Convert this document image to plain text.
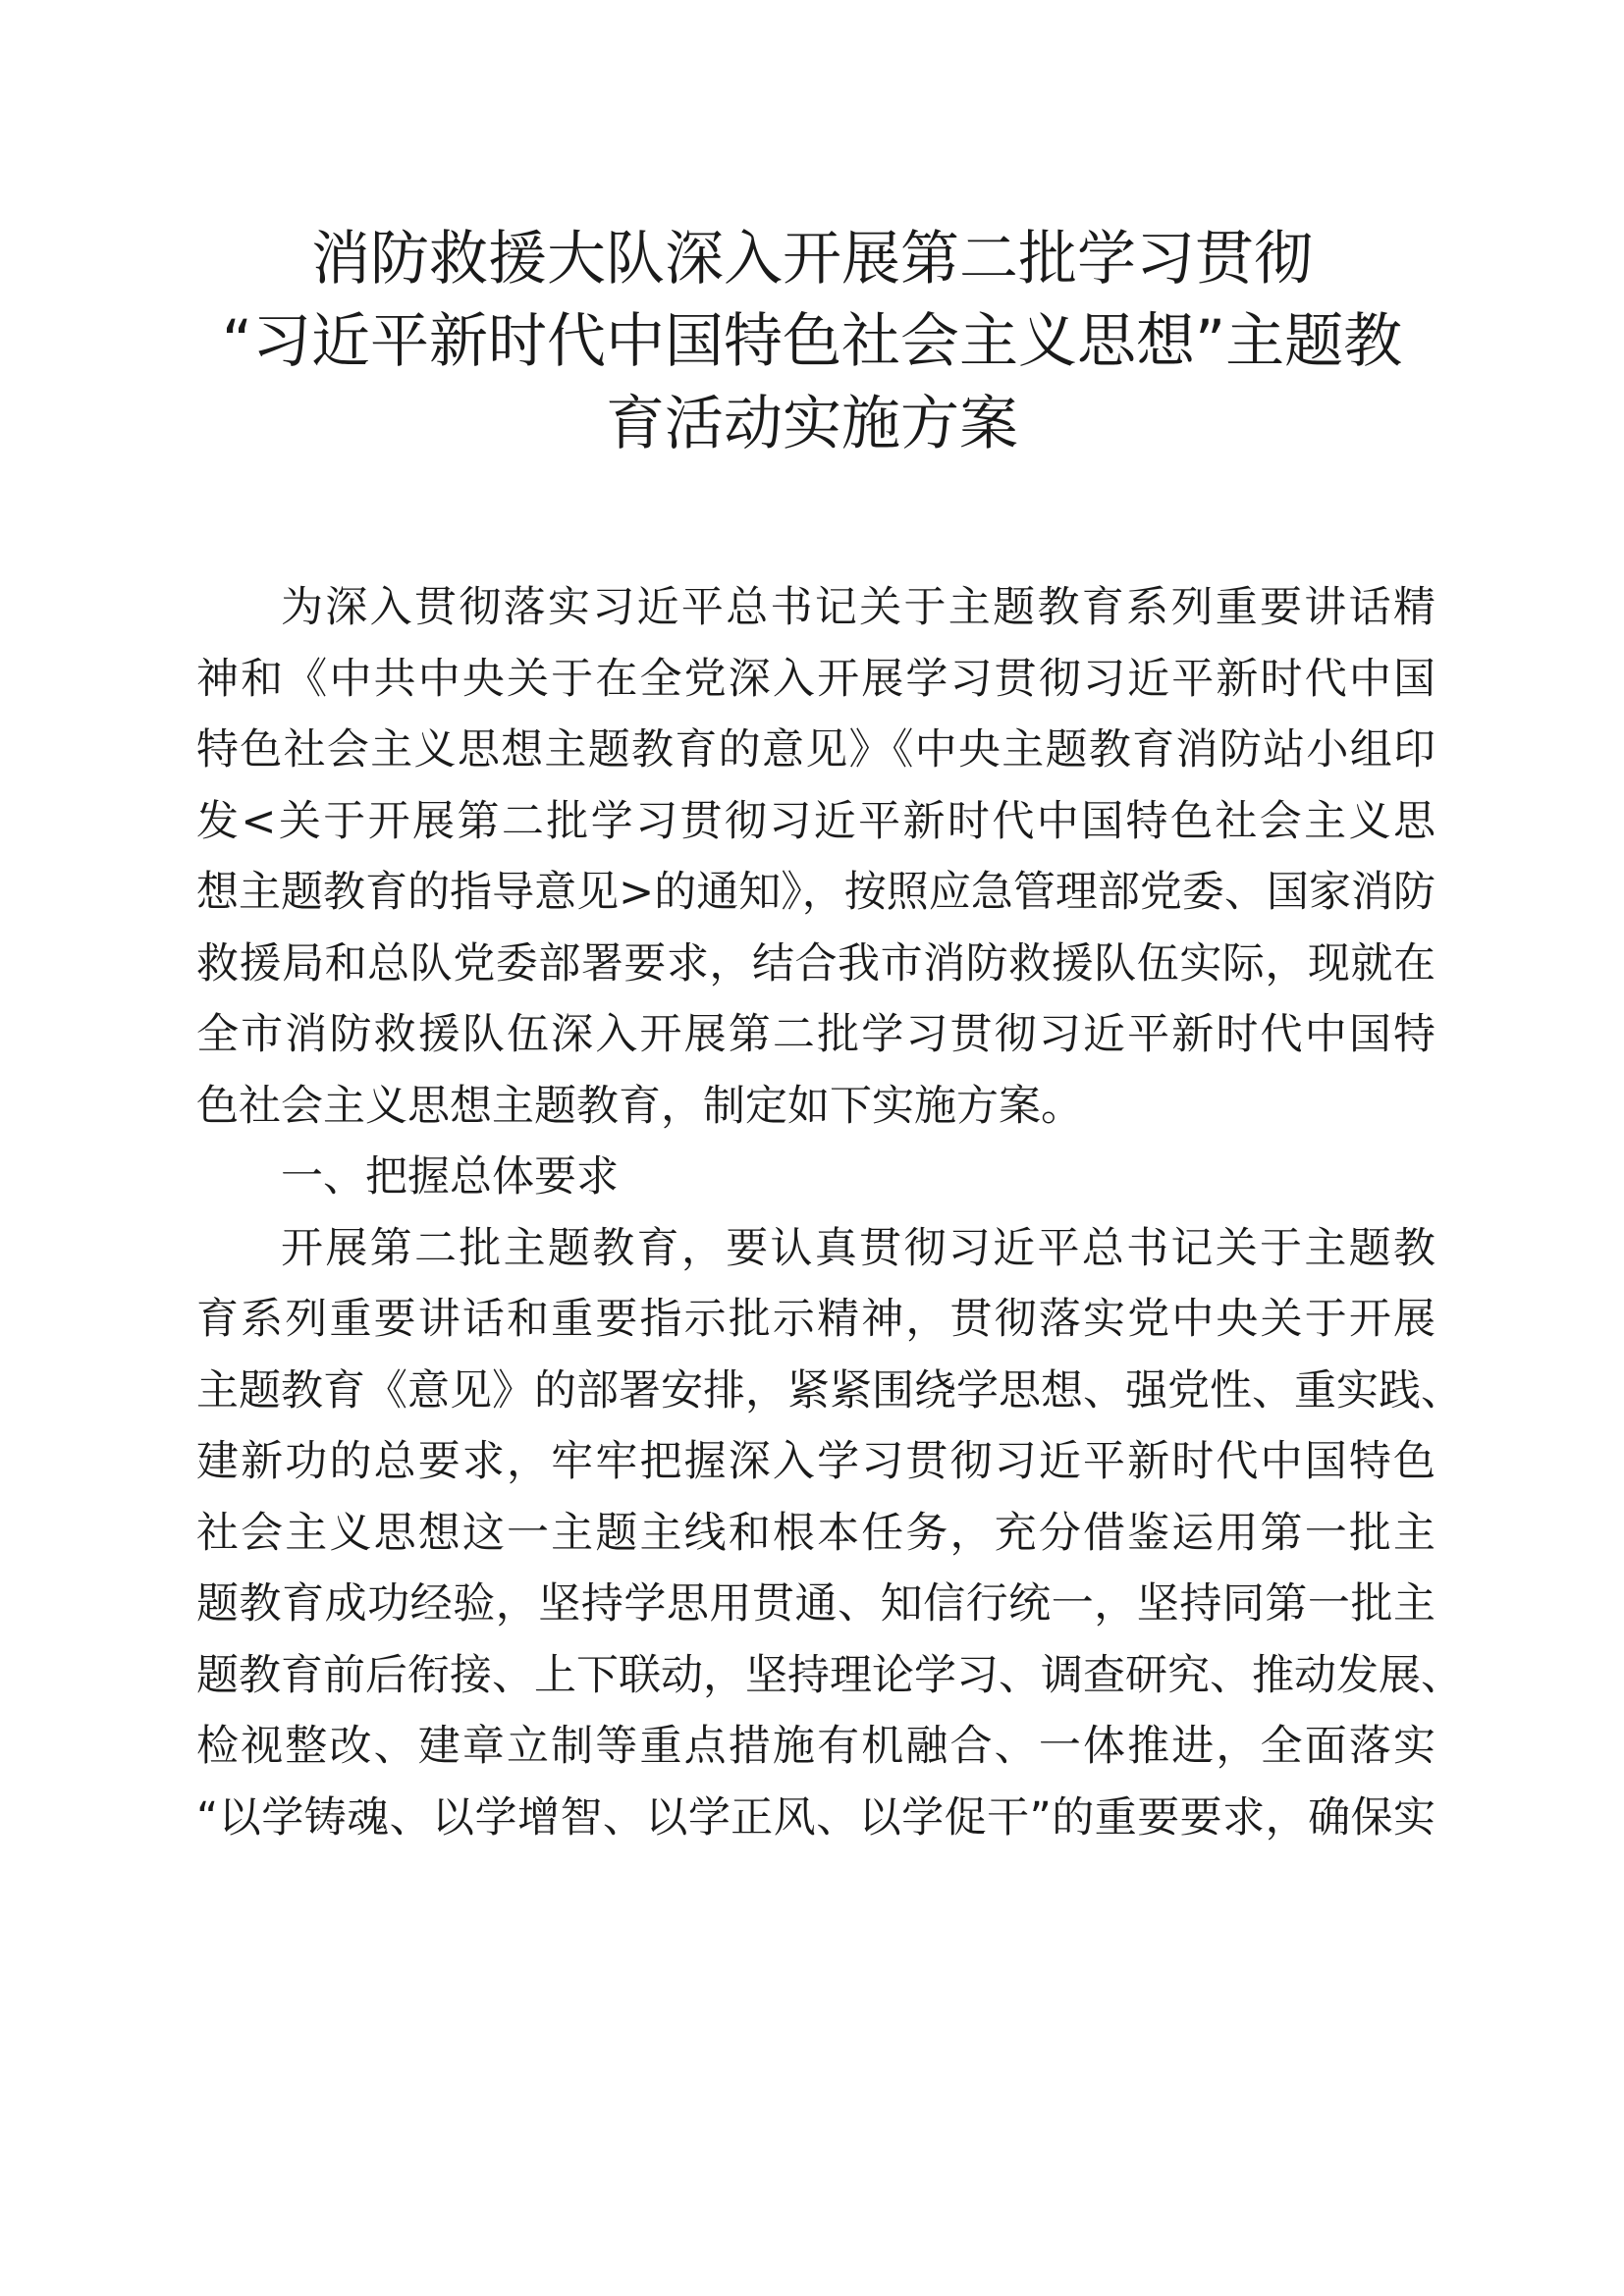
消防救援大队深入开展第二批学习贯彻
“习近平新时代中国特色社会主义思想”主题教
育活动实施方案
为深入贯彻落实习近平总书记关于主题教育系列重要讲话精
神和《中共中央关于在全党深入开展学习贯彻习近平新时代中国
特色社会主义思想主题教育的意见》《中央主题教育消防站小组印
发<关于开展第二批学习贯彻习近平新时代中国特色社会主义思
想主题教育的指导意见>的通知》，按照应急管理部党委、国家消防
救援局和总队党委部署要求，结合我市消防救援队伍实际，现就在
全市消防救援队伍深入开展第二批学习贯彻习近平新时代中国特
色社会主义思想主题教育，制定如下实施方案。
一、把握总体要求
开展第二批主题教育，要认真贯彻习近平总书记关于主题教
育系列重要讲话和重要指示批示精神，贯彻落实党中央关于开展
主题教育《意见》的部署安排，紧紧围绕学思想、强党性、重实践、
建新功的总要求，牢牢把握深入学习贯彻习近平新时代中国特色
社会主义思想这一主题主线和根本任务，充分借鉴运用第一批主
题教育成功经验，坚持学思用贯通、知信行统一，坚持同第一批主
题教育前后衔接、上下联动，坚持理论学习、调查研究、推动发展、
检视整改、建章立制等重点措施有机融合、一体推进，全面落实
“以学铸魂、以学增智、以学正风、以学促干”的重要要求，确保实
